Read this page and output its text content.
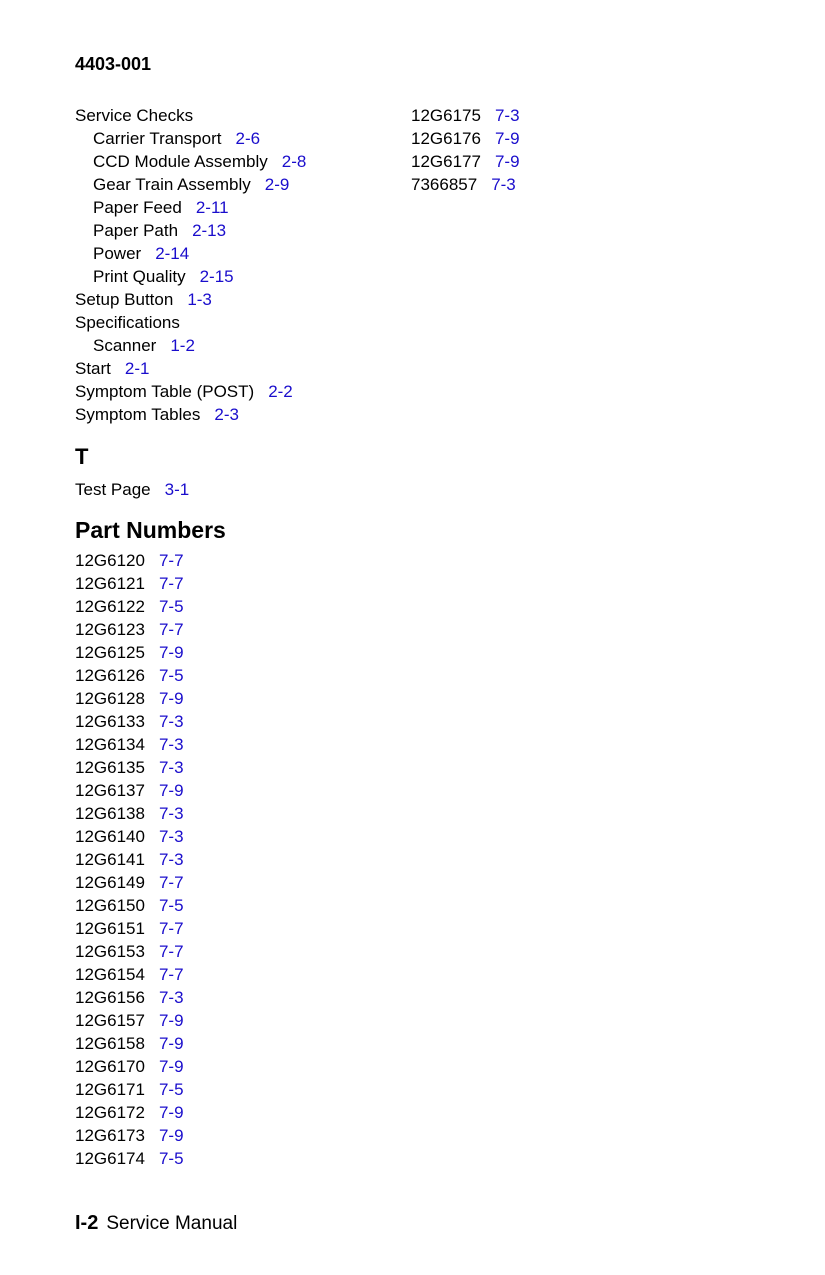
4403-001
Service Checks
Carrier Transport 2-6
CCD Module Assembly 2-8
Gear Train Assembly 2-9
Paper Feed 2-11
Paper Path 2-13
Power 2-14
Print Quality 2-15
Setup Button 1-3
Specifications
Scanner 1-2
Start 2-1
Symptom Table (POST) 2-2
Symptom Tables 2-3
T
Test Page 3-1
Part Numbers
12G6120 7-7
12G6121 7-7
12G6122 7-5
12G6123 7-7
12G6125 7-9
12G6126 7-5
12G6128 7-9
12G6133 7-3
12G6134 7-3
12G6135 7-3
12G6137 7-9
12G6138 7-3
12G6140 7-3
12G6141 7-3
12G6149 7-7
12G6150 7-5
12G6151 7-7
12G6153 7-7
12G6154 7-7
12G6156 7-3
12G6157 7-9
12G6158 7-9
12G6170 7-9
12G6171 7-5
12G6172 7-9
12G6173 7-9
12G6174 7-5
12G6175 7-3
12G6176 7-9
12G6177 7-9
7366857 7-3
I-2 Service Manual
